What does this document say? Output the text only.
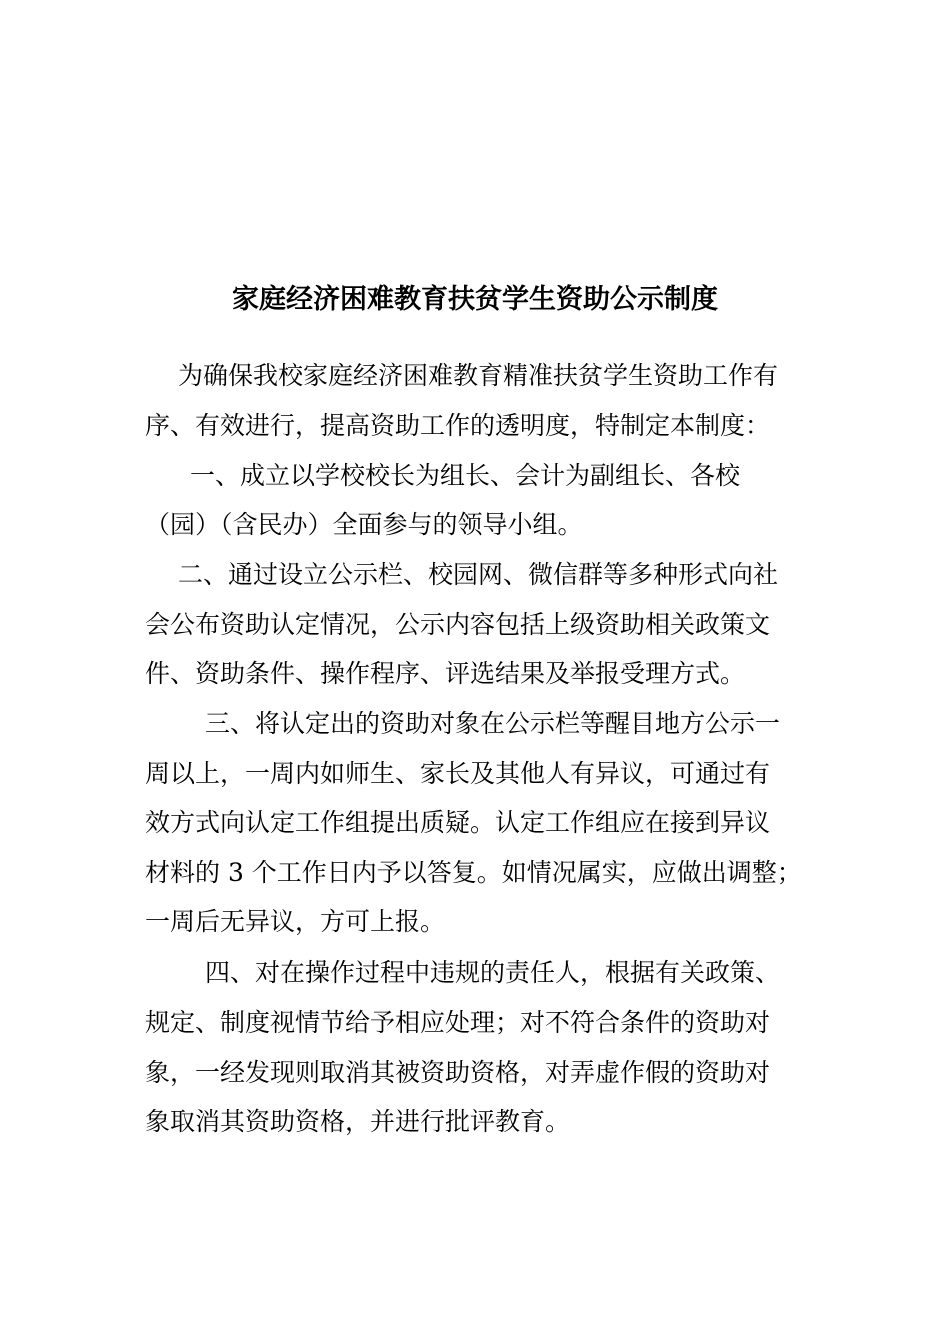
家庭经济困难教育扶贫学生资助公示制度

为确保我校家庭经济困难教育精准扶贫学生资助工作有

序、有效进行，提高资助工作的透明度，特制定本制度：

一、成立以学校校长为组长、会计为副组长、各校

（园）（含民办）全面参与的领导小组。

二、通过设立公示栏、校园网、微信群等多种形式向社

会公布资助认定情况，公示内容包括上级资助相关政策文

件、资助条件、操作程序、评选结果及举报受理方式。

三、将认定出的资助对象在公示栏等醒目地方公示一

周以上，一周内如师生、家长及其他人有异议，可通过有

效方式向认定工作组提出质疑。认定工作组应在接到异议

材料的 3 个工作日内予以答复。如情况属实，应做出调整；

一周后无异议，方可上报。

四、对在操作过程中违规的责任人，根据有关政策、

规定、制度视情节给予相应处理；对不符合条件的资助对

象，一经发现则取消其被资助资格，对弄虚作假的资助对

象取消其资助资格，并进行批评教育。
